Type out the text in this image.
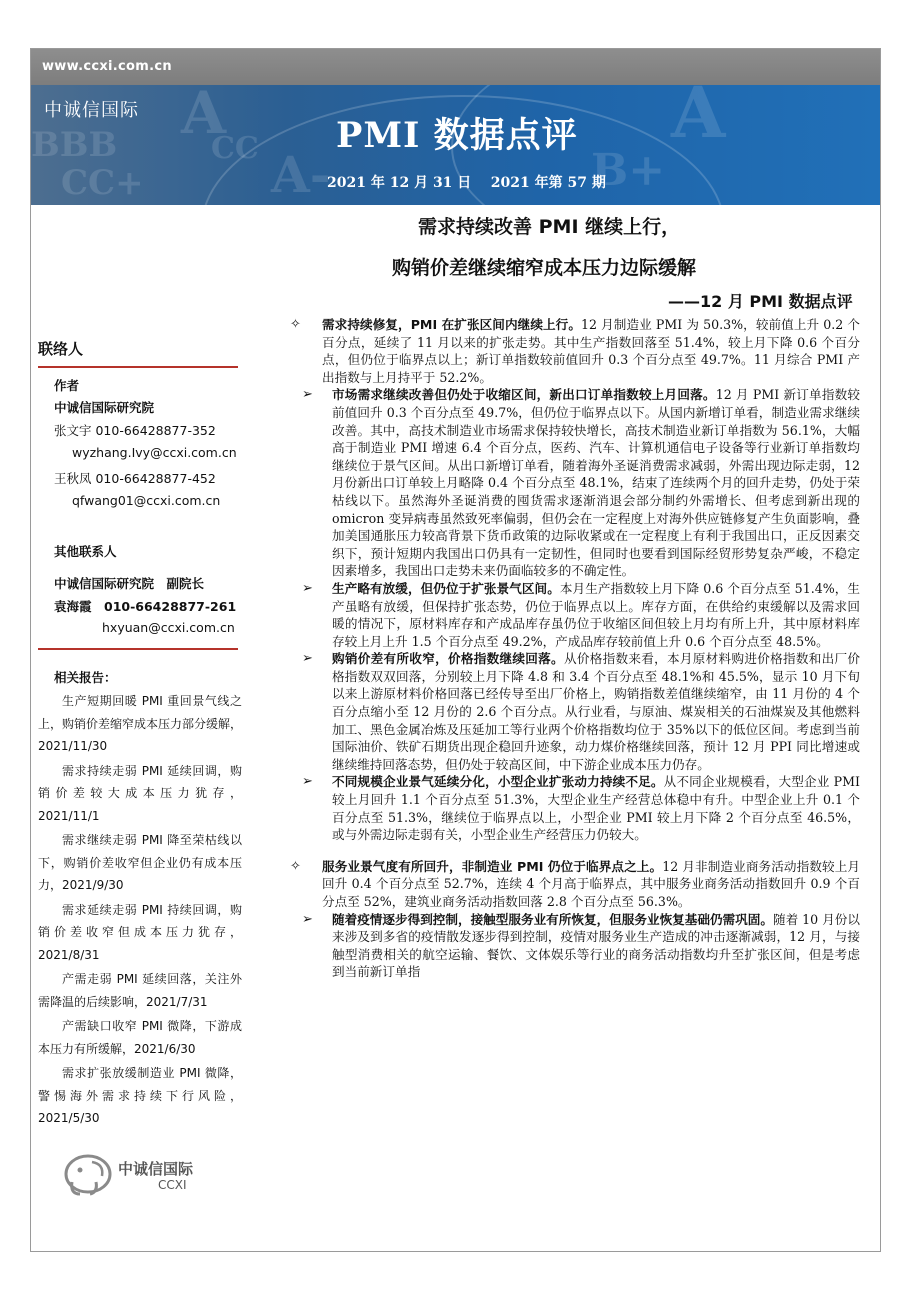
www.ccxi.com.cn
A	A
BBB	CC
CC+	A-	B+
中诚信国际
PMI 数据点评
2021 年 12 月 31 日    2021 年第 57 期
需求持续改善 PMI 继续上行，
购销价差继续缩窄成本压力边际缓解
——12 月 PMI 数据点评
联络人
作者
中诚信国际研究院
张文宇 010-66428877-352
wyzhang.Ivy@ccxi.com.cn
王秋凤 010-66428877-452
qfwang01@ccxi.com.cn
其他联系人
中诚信国际研究院　副院长
袁海霞　010-66428877-261
hxyuan@ccxi.com.cn
相关报告：
生产短期回暖 PMI 重回景气线之上，购销价差缩窄成本压力部分缓解，2021/11/30
需求持续走弱 PMI 延续回调，购销价差较大成本压力犹存，2021/11/1
需求继续走弱 PMI 降至荣枯线以下，购销价差收窄但企业仍有成本压力，2021/9/30
需求延续走弱 PMI 持续回调，购销价差收窄但成本压力犹存，2021/8/31
产需走弱 PMI 延续回落，关注外需降温的后续影响，2021/7/31
产需缺口收窄 PMI 微降，下游成本压力有所缓解，2021/6/30
需求扩张放缓制造业 PMI 微降，警惕海外需求持续下行风险，2021/5/30
中诚信国际
CCXI

✧ 需求持续修复，PMI 在扩张区间内继续上行。12 月制造业 PMI 为 50.3%，较前值上升 0.2 个百分点，延续了 11 月以来的扩张走势。其中生产指数回落至 51.4%，较上月下降 0.6 个百分点，但仍位于临界点以上；新订单指数较前值回升 0.3 个百分点至 49.7%。11 月综合 PMI 产出指数与上月持平于 52.2%。

➢ 市场需求继续改善但仍处于收缩区间，新出口订单指数较上月回落。12 月 PMI 新订单指数较前值回升 0.3 个百分点至 49.7%，但仍位于临界点以下。从国内新增订单看，制造业需求继续改善。其中，高技术制造业市场需求保持较快增长，高技术制造业新订单指数为 56.1%，大幅高于制造业 PMI 增速 6.4 个百分点，医药、汽车、计算机通信电子设备等行业新订单指数均继续位于景气区间。从出口新增订单看，随着海外圣诞消费需求减弱，外需出现边际走弱，12 月份新出口订单较上月略降 0.4 个百分点至 48.1%，结束了连续两个月的回升走势，仍处于荣枯线以下。虽然海外圣诞消费的囤货需求逐渐消退会部分制约外需增长、但考虑到新出现的 omicron 变异病毒虽然致死率偏弱，但仍会在一定程度上对海外供应链修复产生负面影响，叠加美国通胀压力较高背景下货币政策的边际收紧或在一定程度上有利于我国出口，正反因素交织下，预计短期内我国出口仍具有一定韧性，但同时也要看到国际经贸形势复杂严峻，不稳定因素增多，我国出口走势未来仍面临较多的不确定性。

➢ 生产略有放缓，但仍位于扩张景气区间。本月生产指数较上月下降 0.6 个百分点至 51.4%，生产虽略有放缓，但保持扩张态势，仍位于临界点以上。库存方面，在供给约束缓解以及需求回暖的情况下，原材料库存和产成品库存虽仍位于收缩区间但较上月均有所上升，其中原材料库存较上月上升 1.5 个百分点至 49.2%，产成品库存较前值上升 0.6 个百分点至 48.5%。

➢ 购销价差有所收窄，价格指数继续回落。从价格指数来看，本月原材料购进价格指数和出厂价格指数双双回落，分别较上月下降 4.8 和 3.4 个百分点至 48.1%和 45.5%，显示 10 月下旬以来上游原材料价格回落已经传导至出厂价格上，购销指数差值继续缩窄，由 11 月份的 4 个百分点缩小至 12 月份的 2.6 个百分点。从行业看，与原油、煤炭相关的石油煤炭及其他燃料加工、黑色金属冶炼及压延加工等行业两个价格指数均位于 35%以下的低位区间。考虑到当前国际油价、铁矿石期货出现企稳回升迹象，动力煤价格继续回落，预计 12 月 PPI 同比增速或继续维持回落态势，但仍处于较高区间，中下游企业成本压力仍存。

➢ 不同规模企业景气延续分化，小型企业扩张动力持续不足。从不同企业规模看，大型企业 PMI 较上月回升 1.1 个百分点至 51.3%，大型企业生产经营总体稳中有升。中型企业上升 0.1 个百分点至 51.3%，继续位于临界点以上，小型企业 PMI 较上月下降 2 个百分点至 46.5%，或与外需边际走弱有关，小型企业生产经营压力仍较大。

✧ 服务业景气度有所回升，非制造业 PMI 仍位于临界点之上。12 月非制造业商务活动指数较上月回升 0.4 个百分点至 52.7%，连续 4 个月高于临界点，其中服务业商务活动指数回升 0.9 个百分点至 52%，建筑业商务活动指数回落 2.8 个百分点至 56.3%。

➢ 随着疫情逐步得到控制，接触型服务业有所恢复，但服务业恢复基础仍需巩固。随着 10 月份以来涉及到多省的疫情散发逐步得到控制，疫情对服务业生产造成的冲击逐渐减弱，12 月，与接触型消费相关的航空运输、餐饮、文体娱乐等行业的商务活动指数均升至扩张区间，但是考虑到当前新订单指
